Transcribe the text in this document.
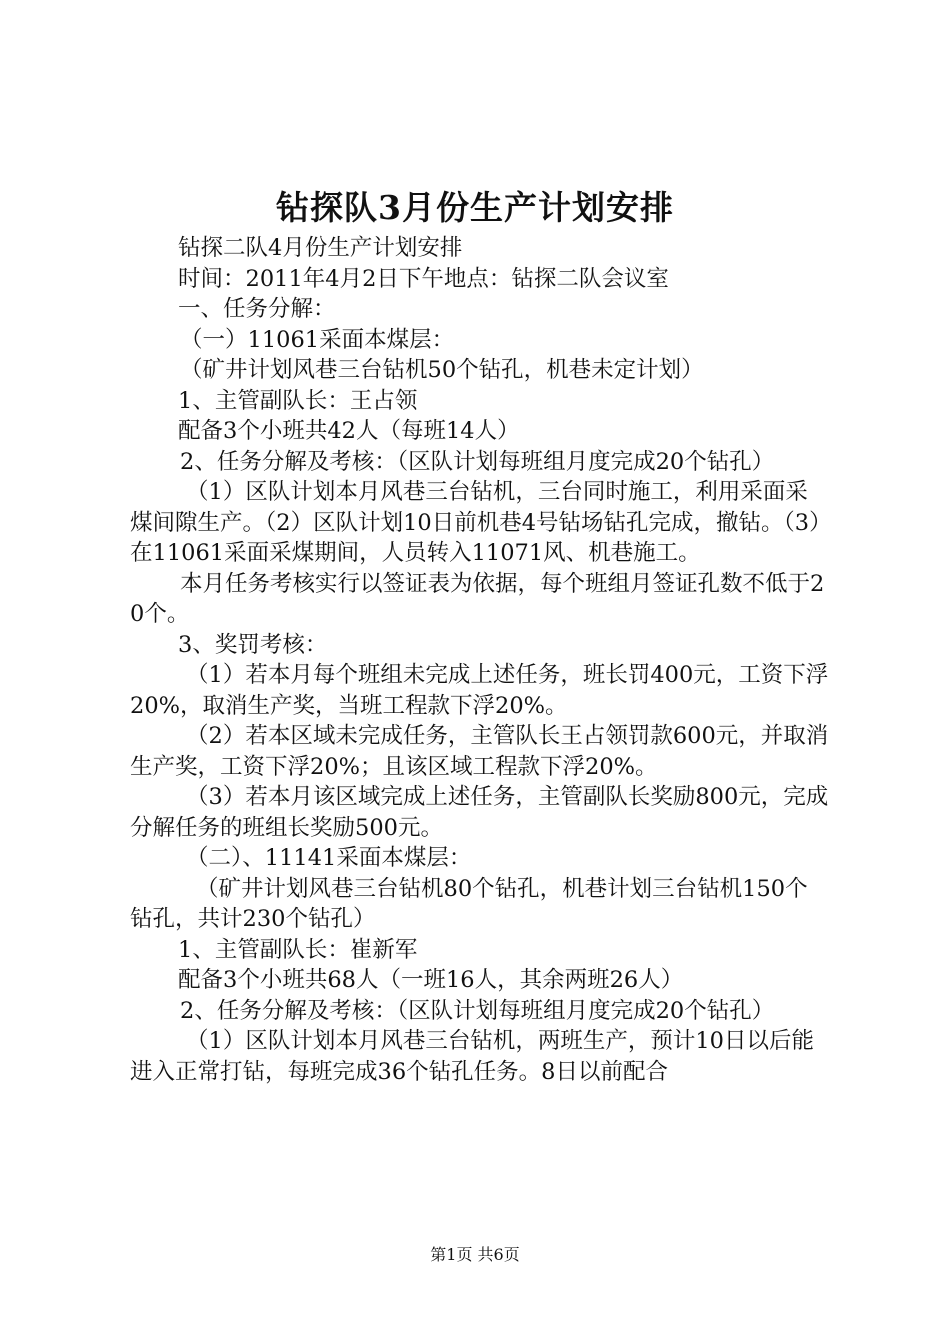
钻探队3月份生产计划安排

钻探二队4月份生产计划安排

时间：2011年4月2日下午地点：钻探二队会议室

一、任务分解：

（一）11061采面本煤层：

（矿井计划风巷三台钻机50个钻孔，机巷未定计划）

1、主管副队长：王占领

配备3个小班共42人（每班14人）

2、任务分解及考核：（区队计划每班组月度完成20个钻孔）

（1）区队计划本月风巷三台钻机，三台同时施工，利用采面采煤间隙生产。（2）区队计划10日前机巷4号钻场钻孔完成，撤钻。（3）在11061采面采煤期间，人员转入11071风、机巷施工。

本月任务考核实行以签证表为依据，每个班组月签证孔数不低于20个。

3、奖罚考核：

（1）若本月每个班组未完成上述任务，班长罚400元，工资下浮20%，取消生产奖，当班工程款下浮20%。

（2）若本区域未完成任务，主管队长王占领罚款600元，并取消生产奖，工资下浮20%；且该区域工程款下浮20%。

（3）若本月该区域完成上述任务，主管副队长奖励800元，完成分解任务的班组长奖励500元。

（二）、11141采面本煤层：

（矿井计划风巷三台钻机80个钻孔，机巷计划三台钻机150个钻孔，共计230个钻孔）

1、主管副队长：崔新军

配备3个小班共68人（一班16人，其余两班26人）

2、任务分解及考核：（区队计划每班组月度完成20个钻孔）

（1）区队计划本月风巷三台钻机，两班生产，预计10日以后能进入正常打钻，每班完成36个钻孔任务。8日以前配合

第1页 共6页
